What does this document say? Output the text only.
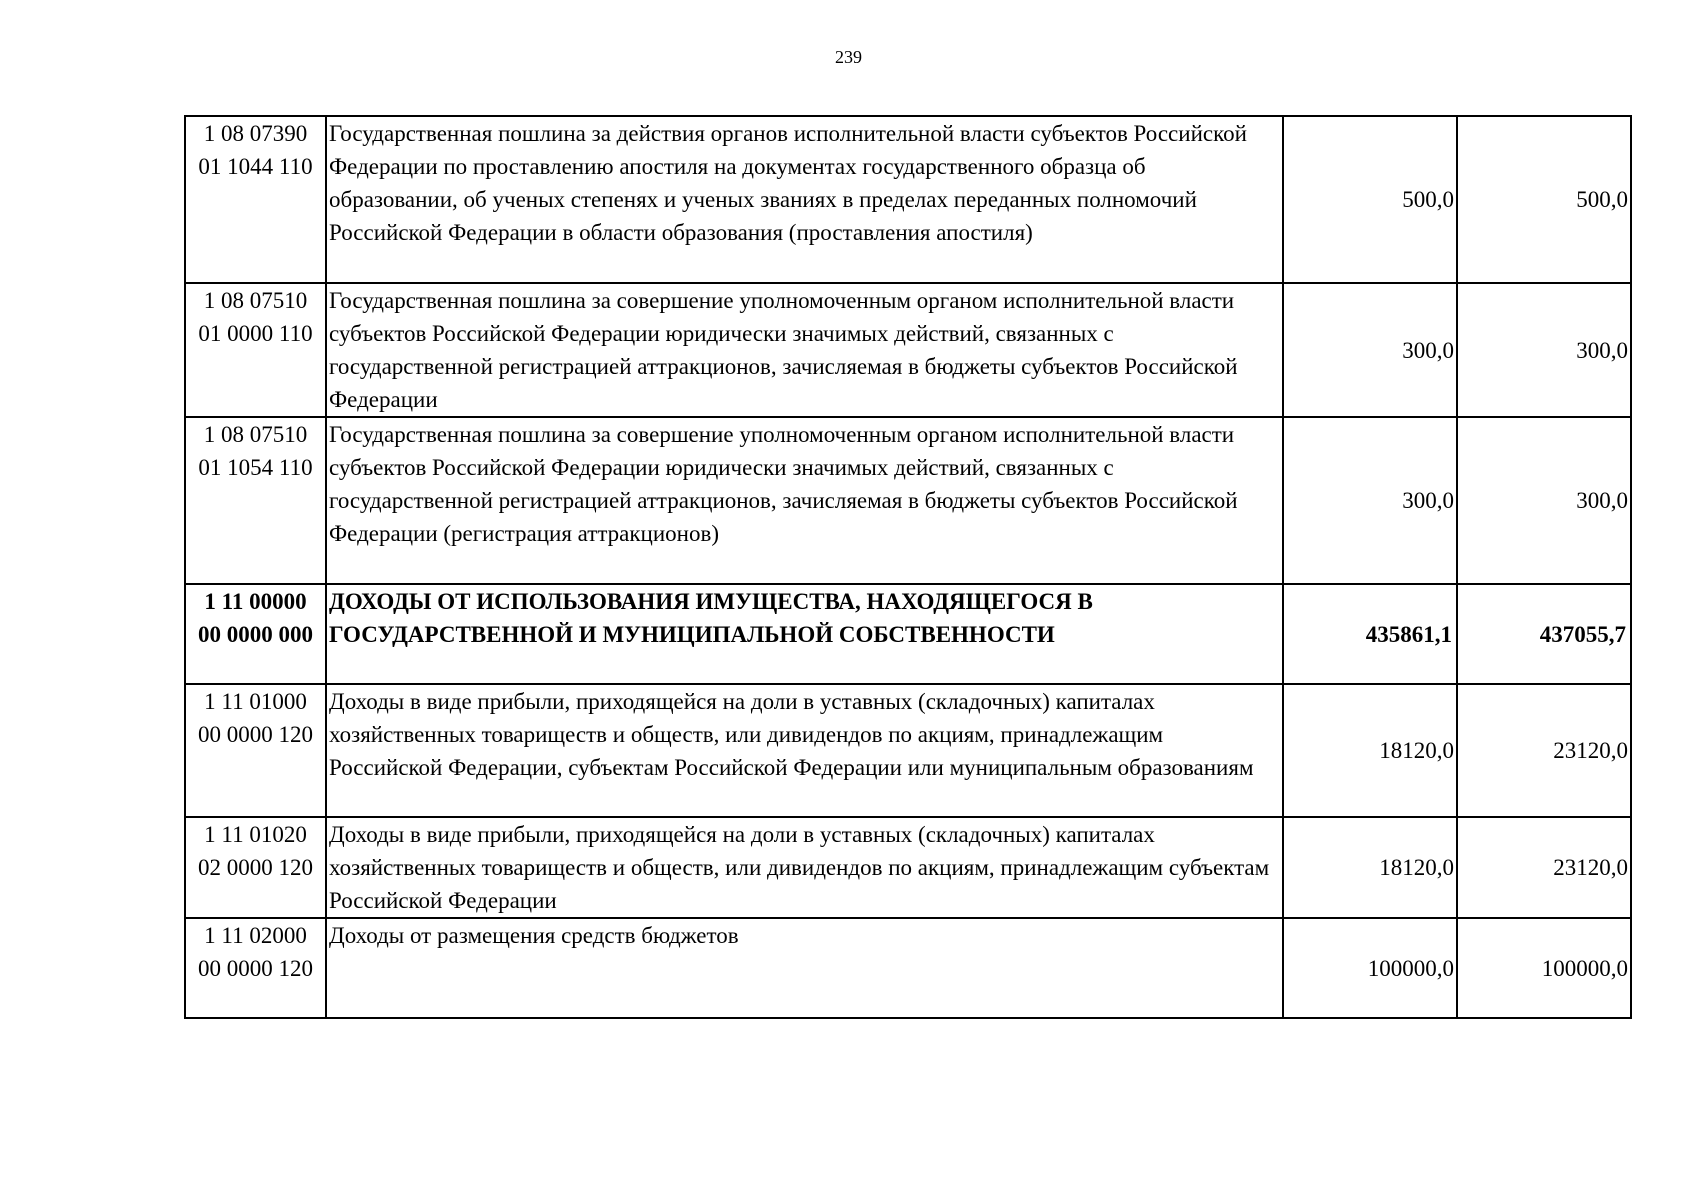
239
1 08 07390
01 1044 110	Государственная пошлина за действия органов исполнительной власти субъектов Российской Федерации по проставлению апостиля на документах государственного образца об образовании, об ученых степенях и ученых званиях в пределах переданных полномочий Российской Федерации в области образования (проставления апостиля)	500,0	500,0

1 08 07510
01 0000 110	Государственная пошлина за совершение уполномоченным органом исполнительной власти субъектов Российской Федерации юридически значимых действий, связанных с государственной регистрацией аттракционов, зачисляемая в бюджеты субъектов Российской Федерации	300,0	300,0

1 08 07510
01 1054 110	Государственная пошлина за совершение уполномоченным органом исполнительной власти субъектов Российской Федерации юридически значимых действий, связанных с государственной регистрацией аттракционов, зачисляемая в бюджеты субъектов Российской Федерации (регистрация аттракционов)	300,0	300,0

1 11 00000
00 0000 000	ДОХОДЫ ОТ ИСПОЛЬЗОВАНИЯ ИМУЩЕСТВА, НАХОДЯЩЕГОСЯ В ГОСУДАРСТВЕННОЙ И МУНИЦИПАЛЬНОЙ СОБСТВЕННОСТИ	435861,1	437055,7

1 11 01000
00 0000 120	Доходы в виде прибыли, приходящейся на доли в уставных (складочных) капиталах хозяйственных товариществ и обществ, или дивидендов по акциям, принадлежащим Российской Федерации, субъектам Российской Федерации или муниципальным образованиям	18120,0	23120,0

1 11 01020
02 0000 120	Доходы в виде прибыли, приходящейся на доли в уставных (складочных) капиталах хозяйственных товариществ и обществ, или дивидендов по акциям, принадлежащим субъектам Российской Федерации	18120,0	23120,0

1 11 02000
00 0000 120	Доходы от размещения средств бюджетов	100000,0	100000,0
